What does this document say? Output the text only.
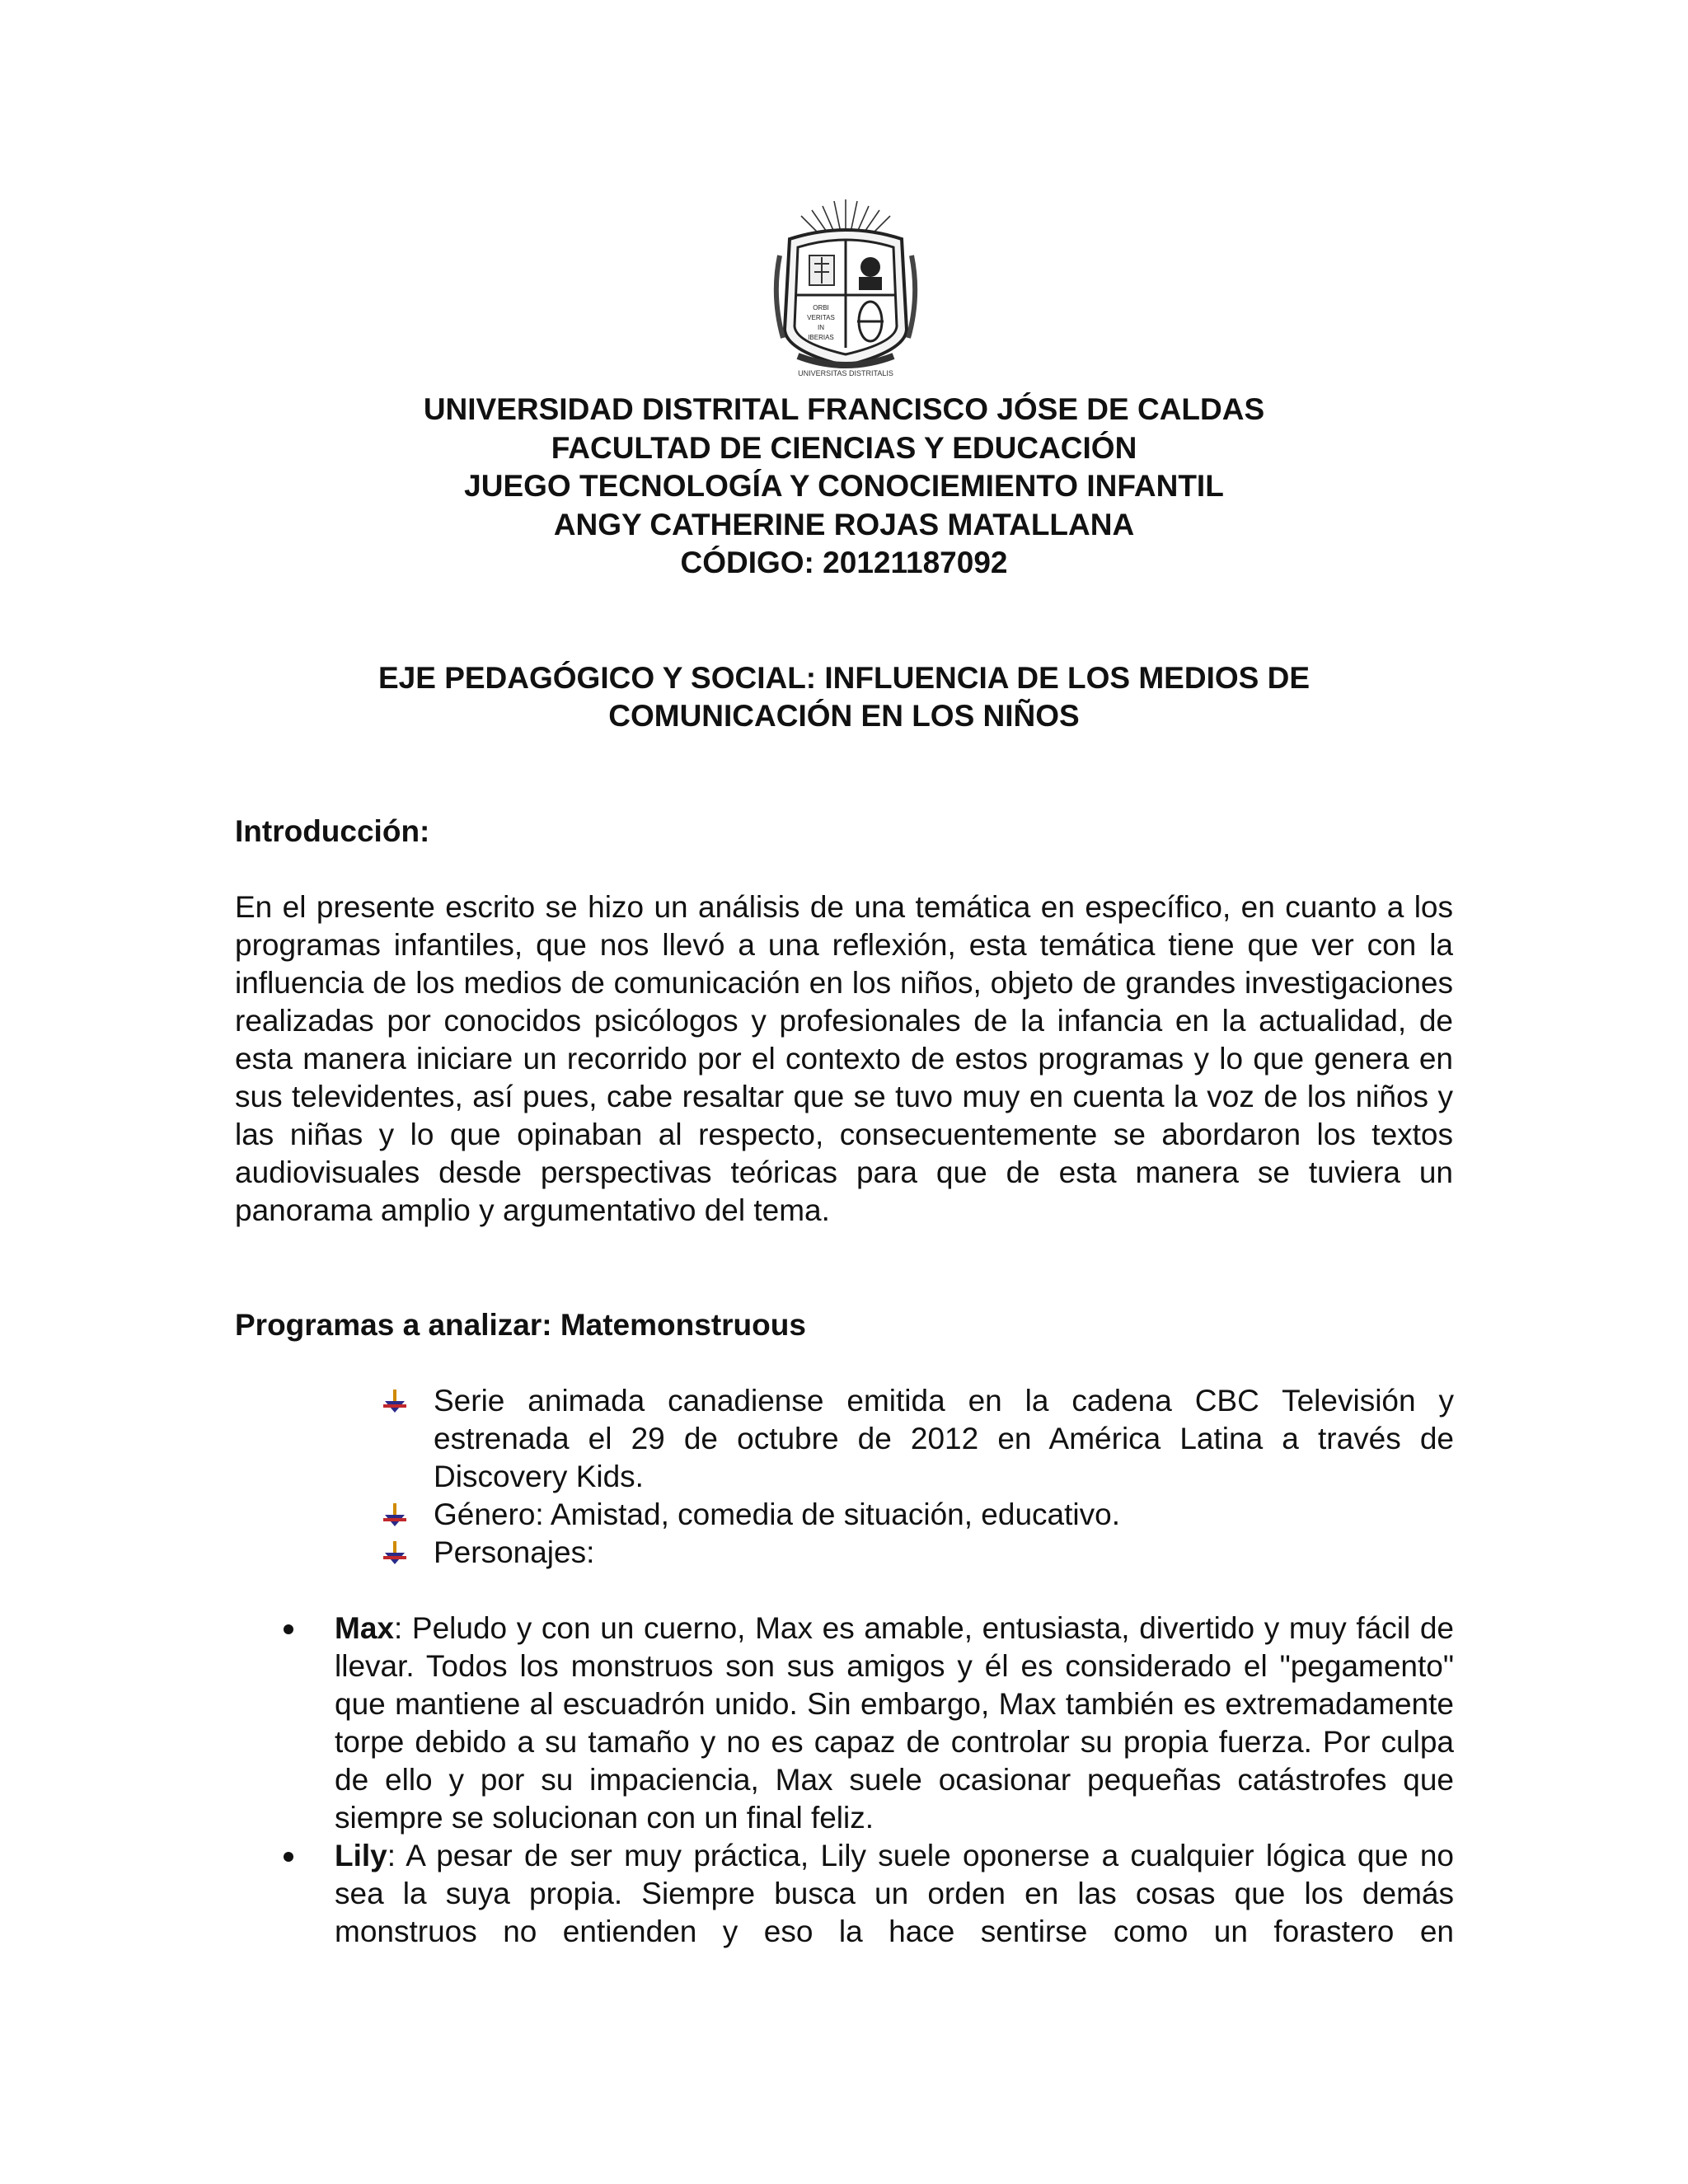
ORBI
VERITAS
IN
IBERIAS
UNIVERSITAS DISTRITALIS
UNIVERSIDAD DISTRITAL FRANCISCO JÓSE DE CALDAS
FACULTAD DE CIENCIAS Y EDUCACIÓN
JUEGO TECNOLOGÍA Y CONOCIEMIENTO INFANTIL
ANGY CATHERINE ROJAS MATALLANA
CÓDIGO: 20121187092
EJE PEDAGÓGICO Y SOCIAL: INFLUENCIA DE LOS MEDIOS DE
COMUNICACIÓN EN LOS NIÑOS
Introducción:
En el presente escrito se hizo un análisis de una temática en específico, en cuanto a los programas infantiles, que nos llevó a una reflexión, esta temática tiene que ver con la influencia de los medios de comunicación en los niños, objeto de grandes investigaciones realizadas por conocidos psicólogos y profesionales de la infancia en la actualidad, de esta manera iniciare un recorrido por el contexto de estos programas y lo que genera en sus televidentes, así pues, cabe resaltar que se tuvo muy en cuenta la voz de los niños y las niñas y lo que opinaban al respecto, consecuentemente se abordaron los textos audiovisuales desde perspectivas teóricas para que de esta manera se tuviera un panorama amplio y argumentativo del tema.
Programas a analizar: Matemonstruous
Serie animada canadiense emitida en la cadena CBC Televisión y estrenada el 29 de octubre de 2012 en América Latina a través de Discovery Kids.
Género: Amistad, comedia de situación, educativo.
Personajes:
Max: Peludo y con un cuerno, Max es amable, entusiasta, divertido y muy fácil de llevar. Todos los monstruos son sus amigos y él es considerado el "pegamento" que mantiene al escuadrón unido. Sin embargo, Max también es extremadamente torpe debido a su tamaño y no es capaz de controlar su propia fuerza. Por culpa de ello y por su impaciencia, Max suele ocasionar pequeñas catástrofes que siempre se solucionan con un final feliz.
Lily: A pesar de ser muy práctica, Lily suele oponerse a cualquier lógica que no sea la suya propia. Siempre busca un orden en las cosas que los demás monstruos no entienden y eso la hace sentirse como un forastero en
